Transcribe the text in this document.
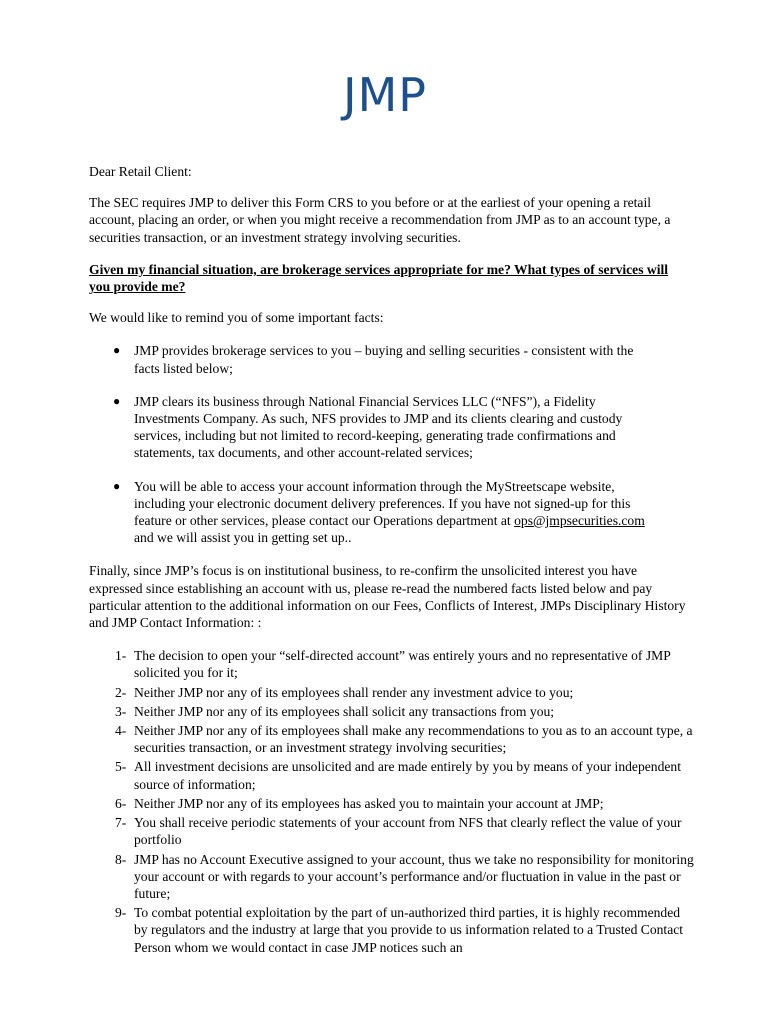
JMP

Dear Retail Client:

The SEC requires JMP to deliver this Form CRS to you before or at the earliest of your opening a retail account, placing an order, or when you might receive a recommendation from JMP as to an account type, a securities transaction, or an investment strategy involving securities.

Given my financial situation, are brokerage services appropriate for me? What types of services will you provide me?

We would like to remind you of some important facts:

● JMP provides brokerage services to you – buying and selling securities - consistent with the facts listed below;
● JMP clears its business through National Financial Services LLC (“NFS”), a Fidelity Investments Company. As such, NFS provides to JMP and its clients clearing and custody services, including but not limited to record-keeping, generating trade confirmations and statements, tax documents, and other account-related services;
● You will be able to access your account information through the MyStreetscape website, including your electronic document delivery preferences. If you have not signed-up for this feature or other services, please contact our Operations department at ops@jmpsecurities.com and we will assist you in getting set up..

Finally, since JMP’s focus is on institutional business, to re-confirm the unsolicited interest you have expressed since establishing an account with us, please re-read the numbered facts listed below and pay particular attention to the additional information on our Fees, Conflicts of Interest, JMPs Disciplinary History and JMP Contact Information: :

1- The decision to open your “self-directed account” was entirely yours and no representative of JMP solicited you for it;
2- Neither JMP nor any of its employees shall render any investment advice to you;
3- Neither JMP nor any of its employees shall solicit any transactions from you;
4- Neither JMP nor any of its employees shall make any recommendations to you as to an account type, a securities transaction, or an investment strategy involving securities;
5- All investment decisions are unsolicited and are made entirely by you by means of your independent source of information;
6- Neither JMP nor any of its employees has asked you to maintain your account at JMP;
7- You shall receive periodic statements of your account from NFS that clearly reflect the value of your portfolio
8- JMP has no Account Executive assigned to your account, thus we take no responsibility for monitoring your account or with regards to your account’s performance and/or fluctuation in value in the past or future;
9- To combat potential exploitation by the part of un-authorized third parties, it is highly recommended by regulators and the industry at large that you provide to us information related to a Trusted Contact Person whom we would contact in case JMP notices such an
